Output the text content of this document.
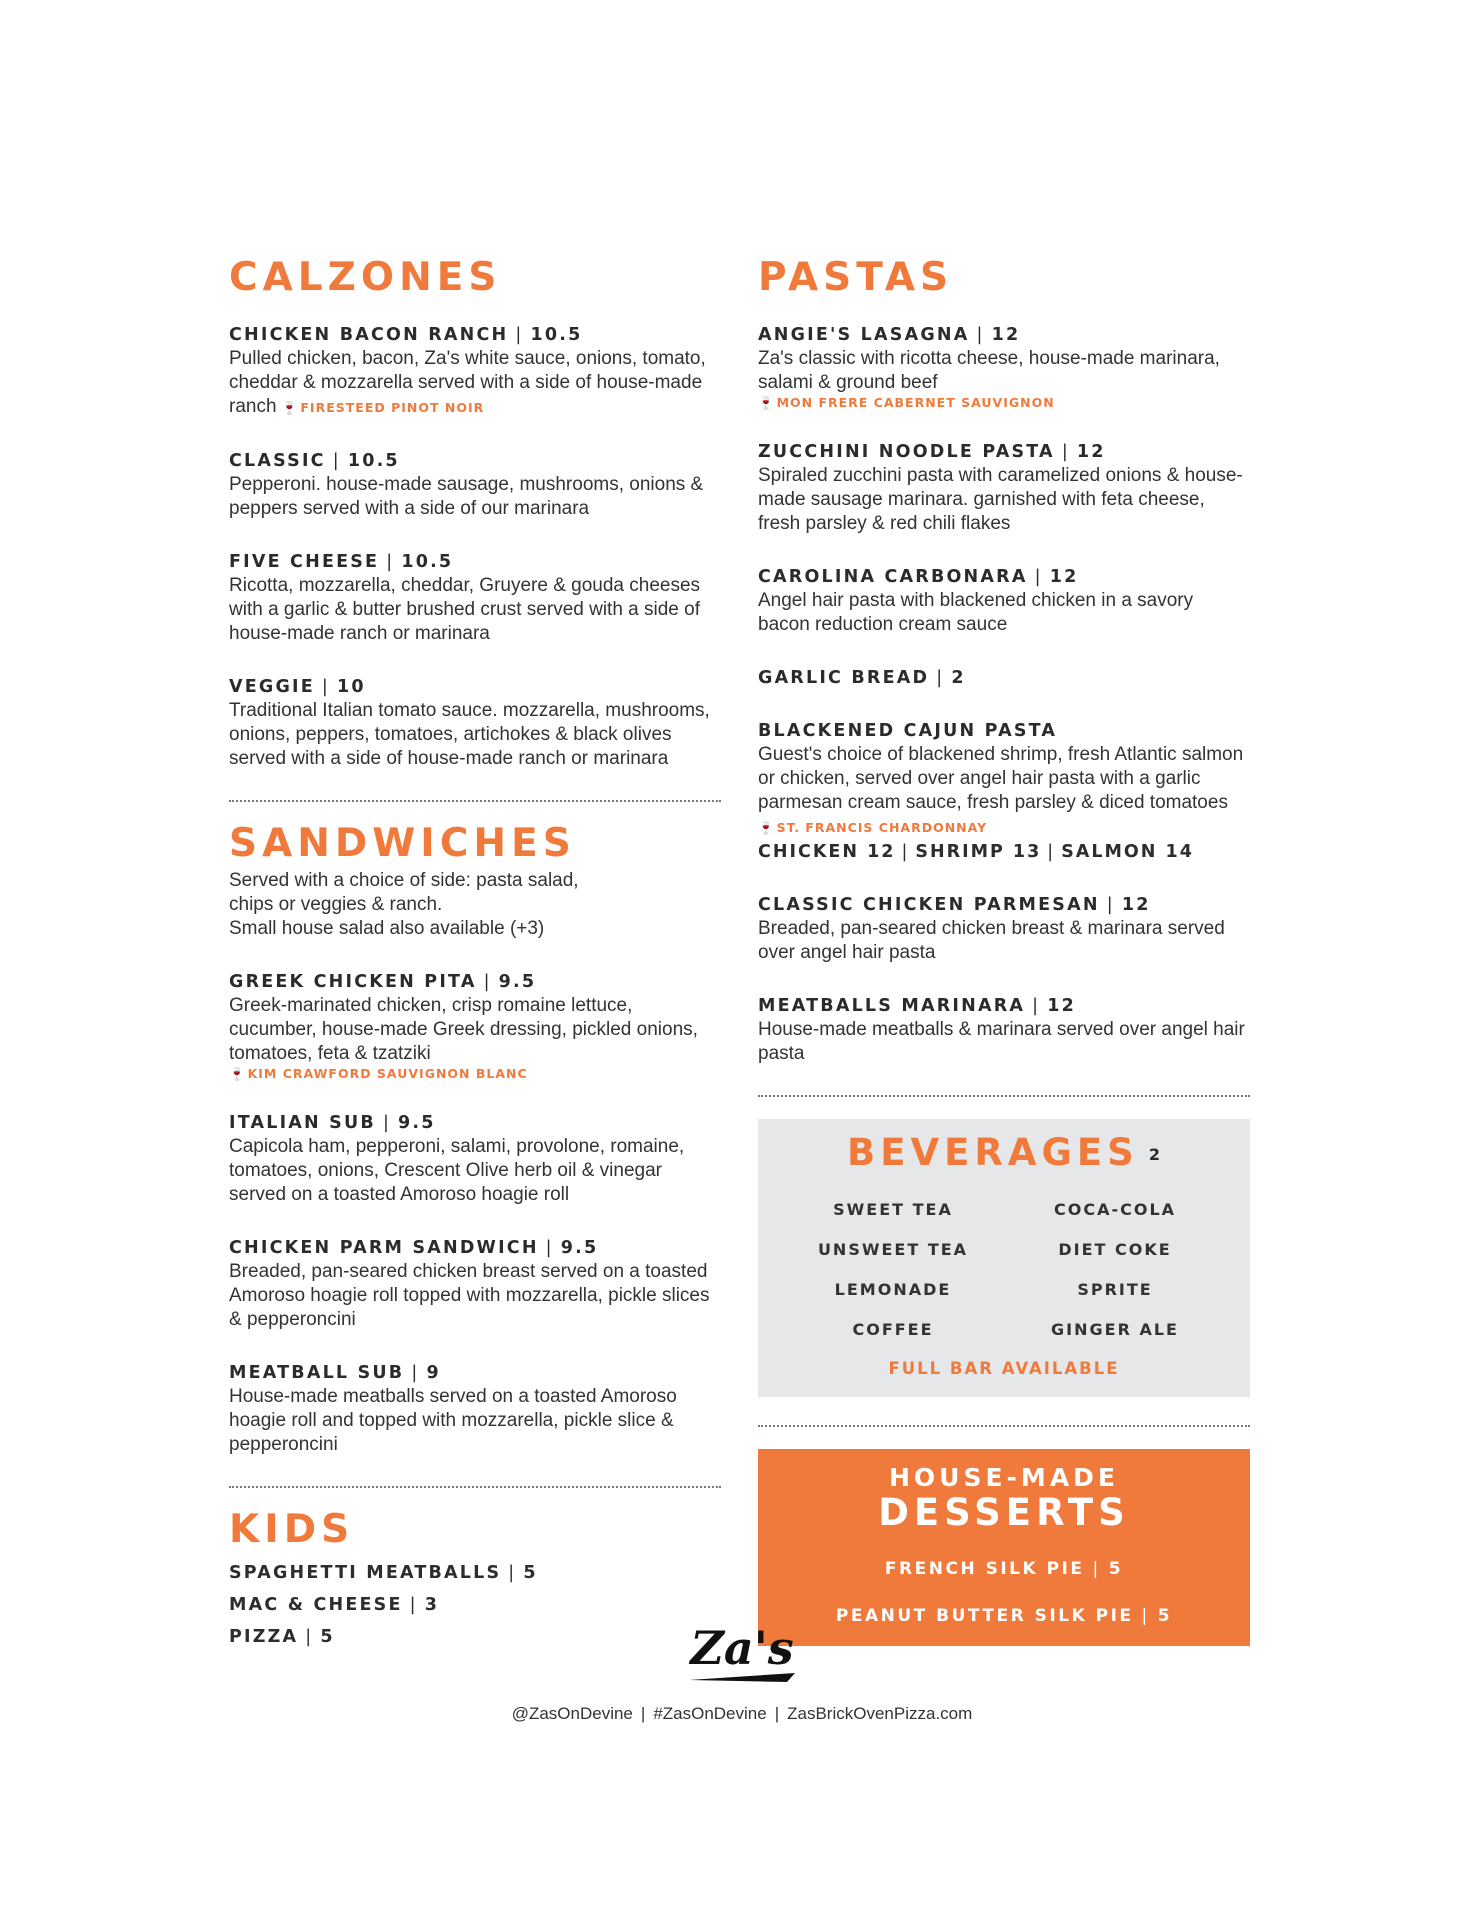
CALZONES
CHICKEN BACON RANCH | 10.5
Pulled chicken, bacon, Za's white sauce, onions, tomato, cheddar & mozzarella served with a side of house-made ranch 🍷 FIRESTEED PINOT NOIR
CLASSIC | 10.5
Pepperoni. house-made sausage, mushrooms, onions & peppers served with a side of our marinara
FIVE CHEESE | 10.5
Ricotta, mozzarella, cheddar, Gruyere & gouda cheeses with a garlic & butter brushed crust served with a side of house-made ranch or marinara
VEGGIE | 10
Traditional Italian tomato sauce. mozzarella, mushrooms, onions, peppers, tomatoes, artichokes & black olives served with a side of house-made ranch or marinara
SANDWICHES
Served with a choice of side: pasta salad,
chips or veggies & ranch.
Small house salad also available (+3)
GREEK CHICKEN PITA | 9.5
Greek-marinated chicken, crisp romaine lettuce, cucumber, house-made Greek dressing, pickled onions, tomatoes, feta & tzatziki
🍷 KIM CRAWFORD SAUVIGNON BLANC
ITALIAN SUB | 9.5
Capicola ham, pepperoni, salami, provolone, romaine, tomatoes, onions, Crescent Olive herb oil & vinegar served on a toasted Amoroso hoagie roll
CHICKEN PARM SANDWICH | 9.5
Breaded, pan-seared chicken breast served on a toasted Amoroso hoagie roll topped with mozzarella, pickle slices & pepperoncini
MEATBALL SUB | 9
House-made meatballs served on a toasted Amoroso hoagie roll and topped with mozzarella, pickle slice & pepperoncini
KIDS
SPAGHETTI MEATBALLS | 5
MAC & CHEESE | 3
PIZZA | 5
PASTAS
ANGIE'S LASAGNA | 12
Za's classic with ricotta cheese, house-made marinara, salami & ground beef
🍷 MON FRERE CABERNET SAUVIGNON
ZUCCHINI NOODLE PASTA | 12
Spiraled zucchini pasta with caramelized onions & house-made sausage marinara. garnished with feta cheese, fresh parsley & red chili flakes
CAROLINA CARBONARA | 12
Angel hair pasta with blackened chicken in a savory bacon reduction cream sauce
GARLIC BREAD | 2
BLACKENED CAJUN PASTA
Guest's choice of blackened shrimp, fresh Atlantic salmon or chicken, served over angel hair pasta with a garlic parmesan cream sauce, fresh parsley & diced tomatoes 🍷 ST. FRANCIS CHARDONNAY
CHICKEN 12 | SHRIMP 13 | SALMON 14
CLASSIC CHICKEN PARMESAN | 12
Breaded, pan-seared chicken breast & marinara served over angel hair pasta
MEATBALLS MARINARA | 12
House-made meatballs & marinara served over angel hair pasta
BEVERAGES 2
SWEET TEA	COCA-COLA
UNSWEET TEA	DIET COKE
LEMONADE	SPRITE
COFFEE	GINGER ALE
FULL BAR AVAILABLE
HOUSE-MADE
DESSERTS
FRENCH SILK PIE | 5
PEANUT BUTTER SILK PIE | 5
Za's
@ZasOnDevine | #ZasOnDevine | ZasBrickOvenPizza.com
